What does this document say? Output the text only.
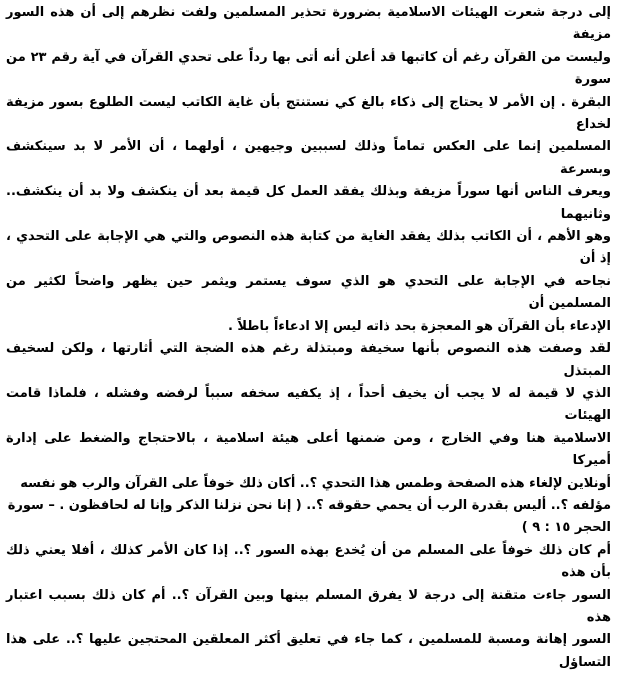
إلى درجة شعرت الهيئات الاسلامية بضرورة تحذير المسلمين ولفت نظرهم إلى أن هذه السور مزيفة
وليست من القرآن رغم أن كاتبها قد أعلن أنه أتى بها رداً على تحدي القرآن في آية رقم ٢٣ من سورة
البقرة . إن الأمر لا يحتاج إلى ذكاء بالغ كي نستنتج بأن غاية الكاتب ليست الطلوع بسور مزيفة لخداع
المسلمين إنما على العكس تماماً وذلك لسببين وجيهين ، أولهما ، أن الأمر لا بد سينكشف وبسرعة
ويعرف الناس أنها سوراً مزيفة وبذلك يفقد العمل كل قيمة بعد أن ينكشف ولا بد أن ينكشف.. وثانيهما
وهو الأهم ، أن الكاتب بذلك يفقد الغاية من كتابة هذه النصوص والتي هي الإجابة على التحدي ، إذ أن
نجاحه في الإجابة على التحدي هو الذي سوف يستمر ويثمر حين يظهر واضحاً لكثير من المسلمين أن
الإدعاء بأن القرآن هو المعجزة بحد ذاته ليس إلا ادعاءاً باطلاً .

لقد وصفت هذه النصوص بأنها سخيفة ومبتذلة رغم هذه الضجة التي أثارتها ، ولكن لسخيف المبتذل
الذي لا قيمة له لا يجب أن يخيف أحداً ، إذ يكفيه سخفه سبباً لرفضه وفشله ، فلماذا قامت الهيئات
الاسلامية هنا وفي الخارج ، ومن ضمنها أعلى هيئة اسلامية ، بالاحتجاج والضغط على إدارة أميركا
أونلاين لإلغاء هذه الصفحة وطمس هذا التحدي ؟.. أكان ذلك خوفاً على القرآن والرب هو نفسه
مؤلفه ؟.. أليس بقدرة الرب أن يحمي حقوقه ؟.. ( إنا نحن نزلنا الذكر وإنا له لحافظون . – سورة
الحجر ١٥ : ٩ )

أم كان ذلك خوفاً على المسلم من أن يُخدع بهذه السور ؟.. إذا كان الأمر كذلك ، أفلا يعني ذلك بأن هذه
السور جاءت متقنة إلى درجة لا يفرق المسلم بينها وبين القرآن ؟.. أم كان ذلك بسبب اعتبار هذه
السور إهانة ومسبة للمسلمين ، كما جاء في تعليق أكثر المعلقين المحتجين عليها ؟.. على هذا التساؤل
